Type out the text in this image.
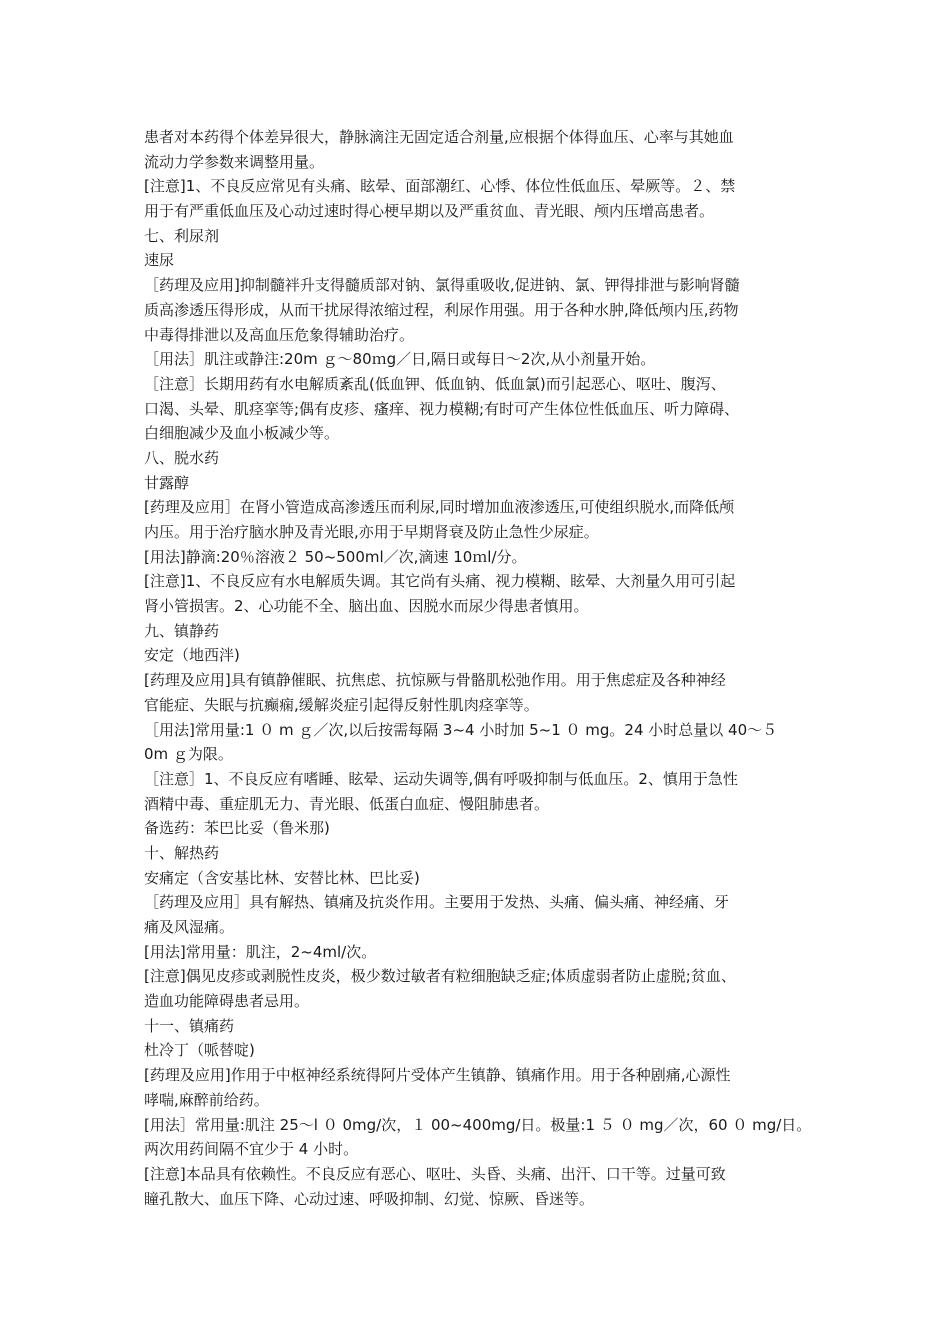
患者对本药得个体差异很大，静脉滴注无固定适合剂量,应根据个体得血压、心率与其她血
流动力学参数来调整用量。
[注意]1、不良反应常见有头痛、眩晕、面部潮红、心悸、体位性低血压、晕厥等。２、禁
用于有严重低血压及心动过速时得心梗早期以及严重贫血、青光眼、颅内压增高患者。
七、利尿剂
速尿
［药理及应用]抑制髓袢升支得髓质部对钠、氯得重吸收,促进钠、氯、钾得排泄与影响肾髓
质高渗透压得形成，从而干扰尿得浓缩过程，利尿作用强。用于各种水肿,降低颅内压,药物
中毒得排泄以及高血压危象得辅助治疗。
［用法］肌注或静注:20m ｇ～80ｍg／日,隔日或每日～2次,从小剂量开始。
［注意］长期用药有水电解质紊乱(低血钾、低血钠、低血氯)而引起恶心、呕吐、腹泻、
口渴、头晕、肌痉挛等;偶有皮疹、瘙痒、视力模糊;有时可产生体位性低血压、听力障碍、
白细胞减少及血小板减少等。
八、脱水药
甘露醇
[药理及应用］在肾小管造成高渗透压而利尿,同时增加血液渗透压,可使组织脱水,而降低颅
内压。用于治疗脑水肿及青光眼,亦用于早期肾衰及防止急性少尿症。
[用法]静滴:20％溶液２ 50~500ml／次,滴速 10ｍl/分。
[注意]1、不良反应有水电解质失调。其它尚有头痛、视力模糊、眩晕、大剂量久用可引起
肾小管损害。2、心功能不全、脑出血、因脱水而尿少得患者慎用。
九、镇静药
安定（地西泮)
[药理及应用]具有镇静催眠、抗焦虑、抗惊厥与骨骼肌松弛作用。用于焦虑症及各种神经
官能症、失眠与抗癫痫,缓解炎症引起得反射性肌肉痉挛等。
［用法]常用量:1 ０ m ｇ／次,以后按需每隔 3~4 小时加 5~1 ０ mg。24 小时总量以 40～５
0m ｇ为限。
［注意］1、不良反应有嗜睡、眩晕、运动失调等,偶有呼吸抑制与低血压。2、慎用于急性
酒精中毒、重症肌无力、青光眼、低蛋白血症、慢阻肺患者。
备选药：苯巴比妥（鲁米那)
十、解热药
安痛定（含安基比林、安替比林、巴比妥)
［药理及应用］具有解热、镇痛及抗炎作用。主要用于发热、头痛、偏头痛、神经痛、牙
痛及风湿痛。
[用法]常用量：肌注，2~4ml/次。
[注意]偶见皮疹或剥脱性皮炎，极少数过敏者有粒细胞缺乏症;体质虚弱者防止虚脱;贫血、
造血功能障碍患者忌用。
十一、镇痛药
杜冷丁（哌替啶)
[药理及应用]作用于中枢神经系统得阿片受体产生镇静、镇痛作用。用于各种剧痛,心源性
哮喘,麻醉前给药。
[用法］常用量:肌注 25～l ０ 0mg/次，１ 00~400mg/日。极量:1 ５ ０ mg／次，60 ０ mg/日。
两次用药间隔不宜少于 4 小时。
[注意]本品具有依赖性。不良反应有恶心、呕吐、头昏、头痛、出汗、口干等。过量可致
瞳孔散大、血压下降、心动过速、呼吸抑制、幻觉、惊厥、昏迷等。
